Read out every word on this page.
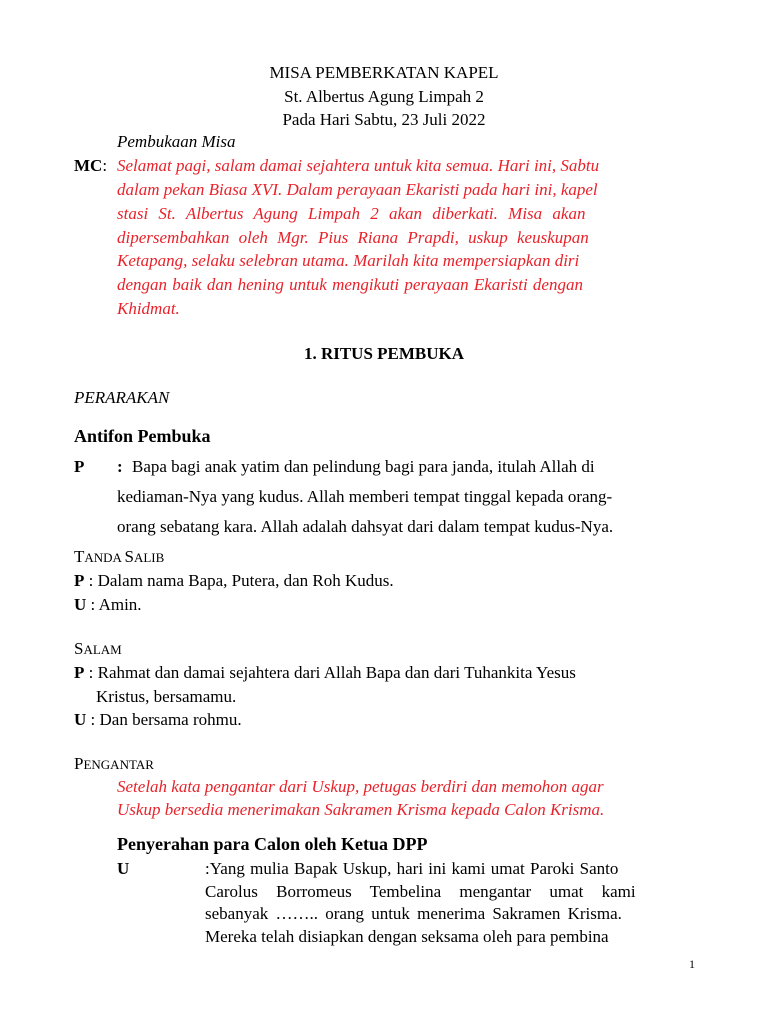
MISA PEMBERKATAN KAPEL
St. Albertus Agung Limpah 2
Pada Hari Sabtu, 23 Juli 2022
Pembukaan Misa
MC: Selamat pagi, salam damai sejahtera untuk kita semua. Hari ini, Sabtu
dalam pekan Biasa XVI. Dalam perayaan Ekaristi pada hari ini, kapel
stasi St. Albertus Agung Limpah 2 akan diberkati. Misa akan
dipersembahkan oleh Mgr. Pius Riana Prapdi, uskup keuskupan
Ketapang, selaku selebran utama. Marilah kita mempersiapkan diri
dengan baik dan hening untuk mengikuti perayaan Ekaristi dengan
Khidmat.
1. RITUS PEMBUKA
PERARAKAN
Antifon Pembuka
P : Bapa bagi anak yatim dan pelindung bagi para janda, itulah Allah di
kediaman-Nya yang kudus. Allah memberi tempat tinggal kepada orang-
orang sebatang kara. Allah adalah dahsyat dari dalam tempat kudus-Nya.
TANDA SALIB
P : Dalam nama Bapa, Putera, dan Roh Kudus.
U : Amin.
SALAM
P : Rahmat dan damai sejahtera dari Allah Bapa dan dari Tuhankita Yesus
Kristus, bersamamu.
U : Dan bersama rohmu.
PENGANTAR
Setelah kata pengantar dari Uskup, petugas berdiri dan memohon agar
Uskup bersedia menerimakan Sakramen Krisma kepada Calon Krisma.
Penyerahan para Calon oleh Ketua DPP
U	:Yang mulia Bapak Uskup, hari ini kami umat Paroki Santo
Carolus Borromeus Tembelina mengantar umat kami
sebanyak …….. orang untuk menerima Sakramen Krisma.
Mereka telah disiapkan dengan seksama oleh para pembina
1
